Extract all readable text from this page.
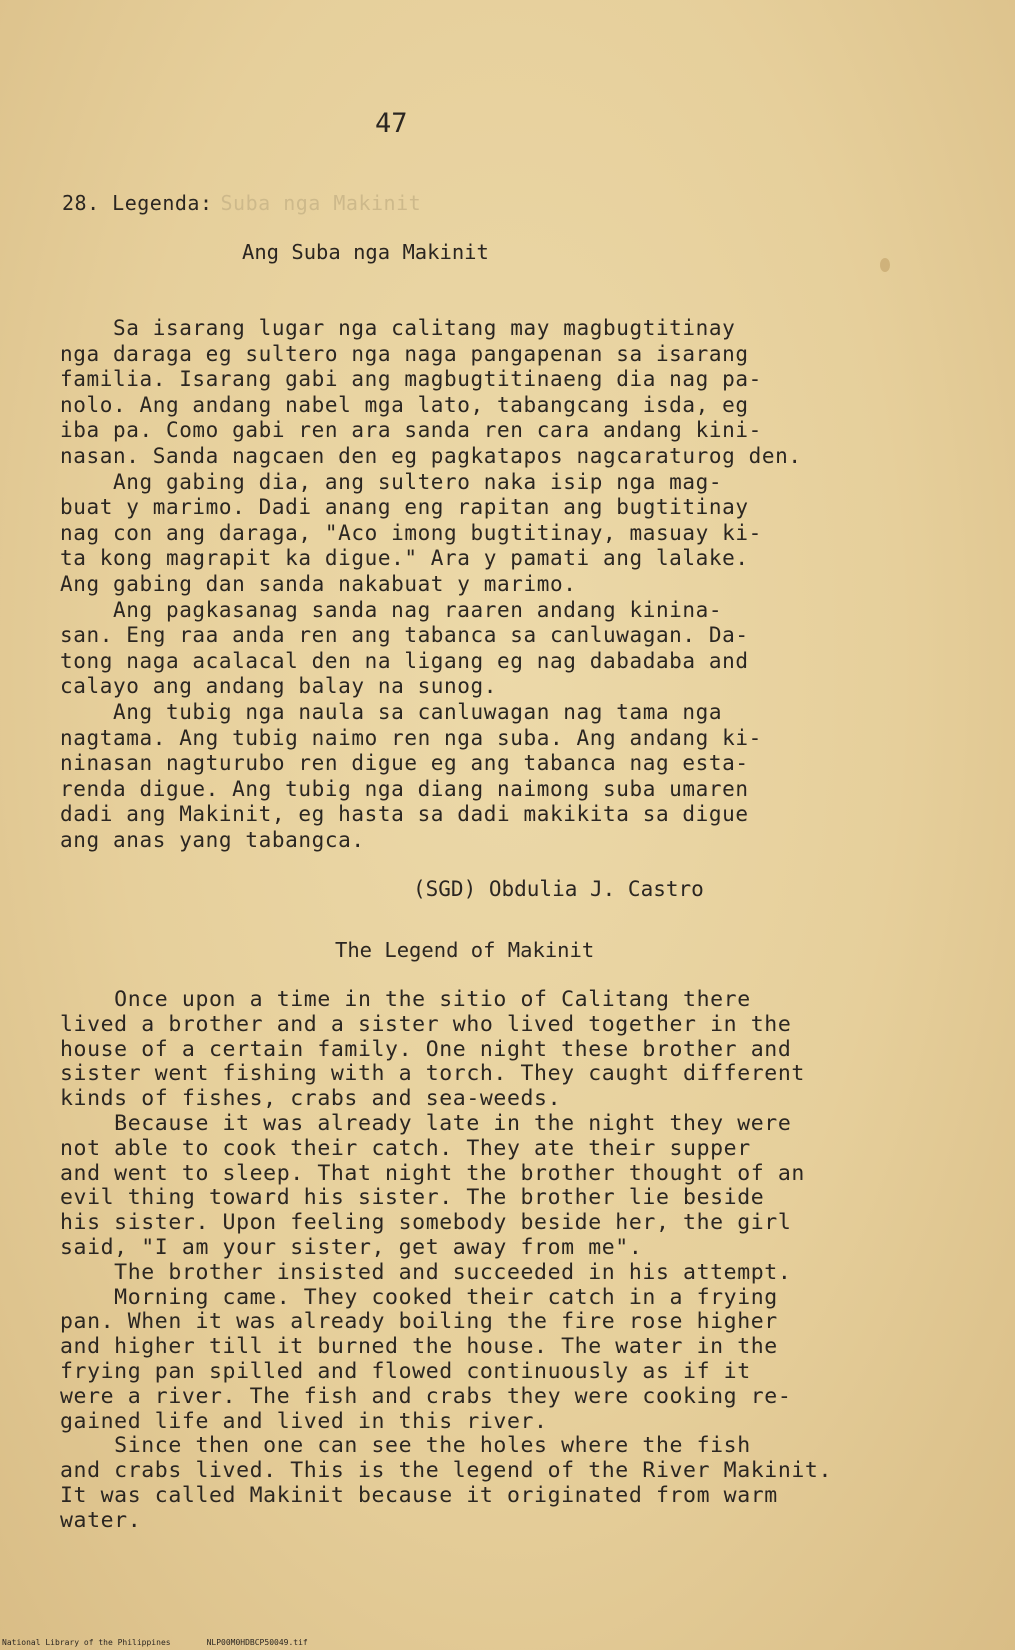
47
28. Legenda: Suba nga Makinit
Ang Suba nga Makinit
Sa isarang lugar nga calitang may magbugtitinay
nga daraga eg sultero nga naga pangapenan sa isarang
familia. Isarang gabi ang magbugtitinaeng dia nag pa-
nolo. Ang andang nabel mga lato, tabangcang isda, eg
iba pa. Como gabi ren ara sanda ren cara andang kini-
nasan. Sanda nagcaen den eg pagkatapos nagcaraturog den.
Ang gabing dia, ang sultero naka isip nga mag-
buat y marimo. Dadi anang eng rapitan ang bugtitinay
nag con ang daraga, "Aco imong bugtitinay, masuay ki-
ta kong magrapit ka digue." Ara y pamati ang lalake.
Ang gabing dan sanda nakabuat y marimo.
Ang pagkasanag sanda nag raaren andang kinina-
san. Eng raa anda ren ang tabanca sa canluwagan. Da-
tong naga acalacal den na ligang eg nag dabadaba and
calayo ang andang balay na sunog.
Ang tubig nga naula sa canluwagan nag tama nga
nagtama. Ang tubig naimo ren nga suba. Ang andang ki-
ninasan nagturubo ren digue eg ang tabanca nag esta-
renda digue. Ang tubig nga diang naimong suba umaren
dadi ang Makinit, eg hasta sa dadi makikita sa digue
ang anas yang tabangca.
(SGD) Obdulia J. Castro
The Legend of Makinit
Once upon a time in the sitio of Calitang there
lived a brother and a sister who lived together in the
house of a certain family. One night these brother and
sister went fishing with a torch. They caught different
kinds of fishes, crabs and sea-weeds.
Because it was already late in the night they were
not able to cook their catch. They ate their supper
and went to sleep. That night the brother thought of an
evil thing toward his sister. The brother lie beside
his sister. Upon feeling somebody beside her, the girl
said, "I am your sister, get away from me".
The brother insisted and succeeded in his attempt.
Morning came. They cooked their catch in a frying
pan. When it was already boiling the fire rose higher
and higher till it burned the house. The water in the
frying pan spilled and flowed continuously as if it
were a river. The fish and crabs they were cooking re-
gained life and lived in this river.
Since then one can see the holes where the fish
and crabs lived. This is the legend of the River Makinit.
It was called Makinit because it originated from warm
water.
National Library of the Philippines	NLP00M0HDBCP50049.tif
